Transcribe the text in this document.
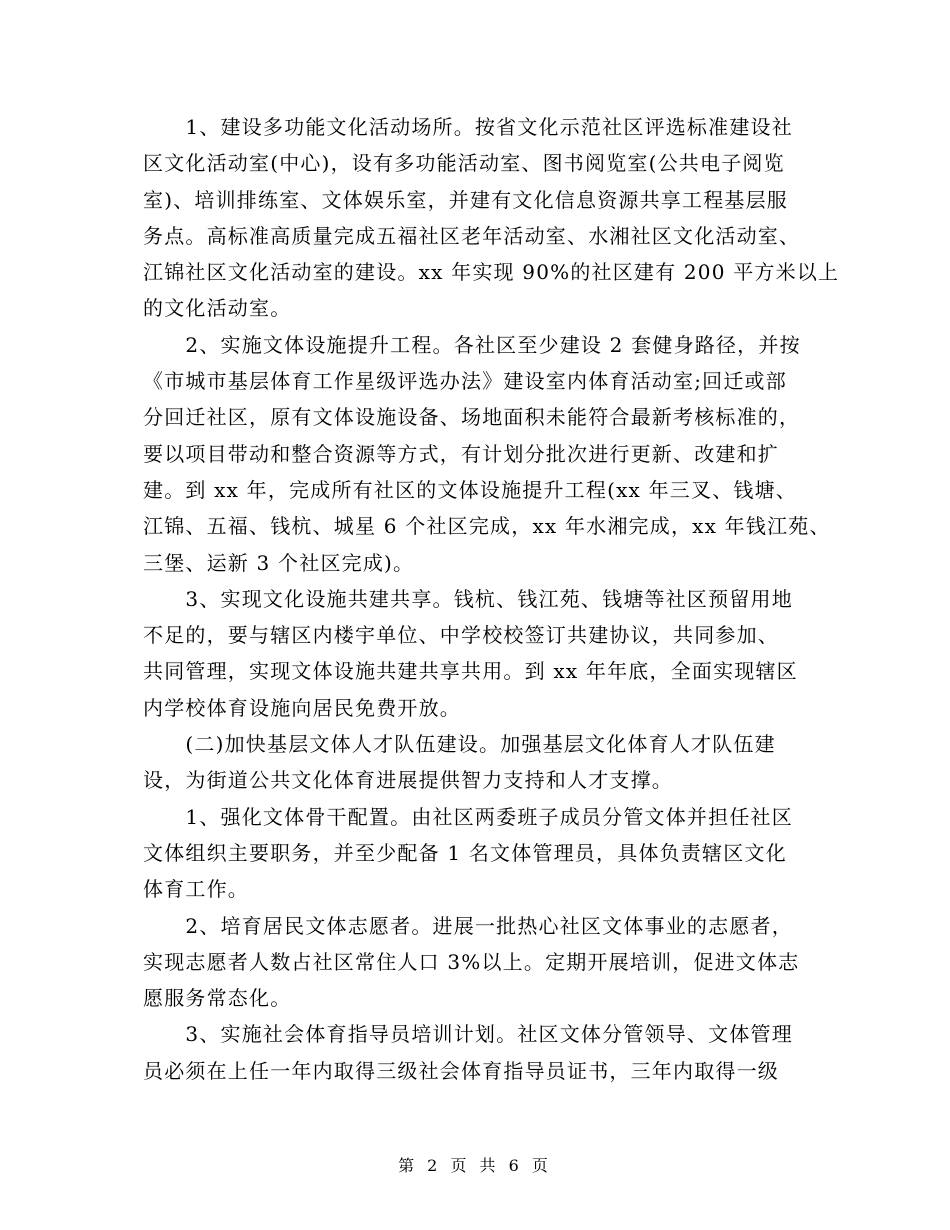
　　1、建设多功能文化活动场所。按省文化示范社区评选标准建设社
区文化活动室(中心)，设有多功能活动室、图书阅览室(公共电子阅览
室)、培训排练室、文体娱乐室，并建有文化信息资源共享工程基层服
务点。高标准高质量完成五福社区老年活动室、水湘社区文化活动室、
江锦社区文化活动室的建设。xx 年实现 90%的社区建有 200 平方米以上
的文化活动室。
　　2、实施文体设施提升工程。各社区至少建设 2 套健身路径，并按
《市城市基层体育工作星级评选办法》建设室内体育活动室;回迁或部
分回迁社区，原有文体设施设备、场地面积未能符合最新考核标准的，
要以项目带动和整合资源等方式，有计划分批次进行更新、改建和扩
建。到 xx 年，完成所有社区的文体设施提升工程(xx 年三叉、钱塘、
江锦、五福、钱杭、城星 6 个社区完成，xx 年水湘完成，xx 年钱江苑、
三堡、运新 3 个社区完成)。
　　3、实现文化设施共建共享。钱杭、钱江苑、钱塘等社区预留用地
不足的，要与辖区内楼宇单位、中学校校签订共建协议，共同参加、
共同管理，实现文体设施共建共享共用。到 xx 年年底，全面实现辖区
内学校体育设施向居民免费开放。
　　(二)加快基层文体人才队伍建设。加强基层文化体育人才队伍建
设，为街道公共文化体育进展提供智力支持和人才支撑。
　　1、强化文体骨干配置。由社区两委班子成员分管文体并担任社区
文体组织主要职务，并至少配备 1 名文体管理员，具体负责辖区文化
体育工作。
　　2、培育居民文体志愿者。进展一批热心社区文体事业的志愿者，
实现志愿者人数占社区常住人口 3%以上。定期开展培训，促进文体志
愿服务常态化。
　　3、实施社会体育指导员培训计划。社区文体分管领导、文体管理
员必须在上任一年内取得三级社会体育指导员证书，三年内取得一级

第 2 页 共 6 页
